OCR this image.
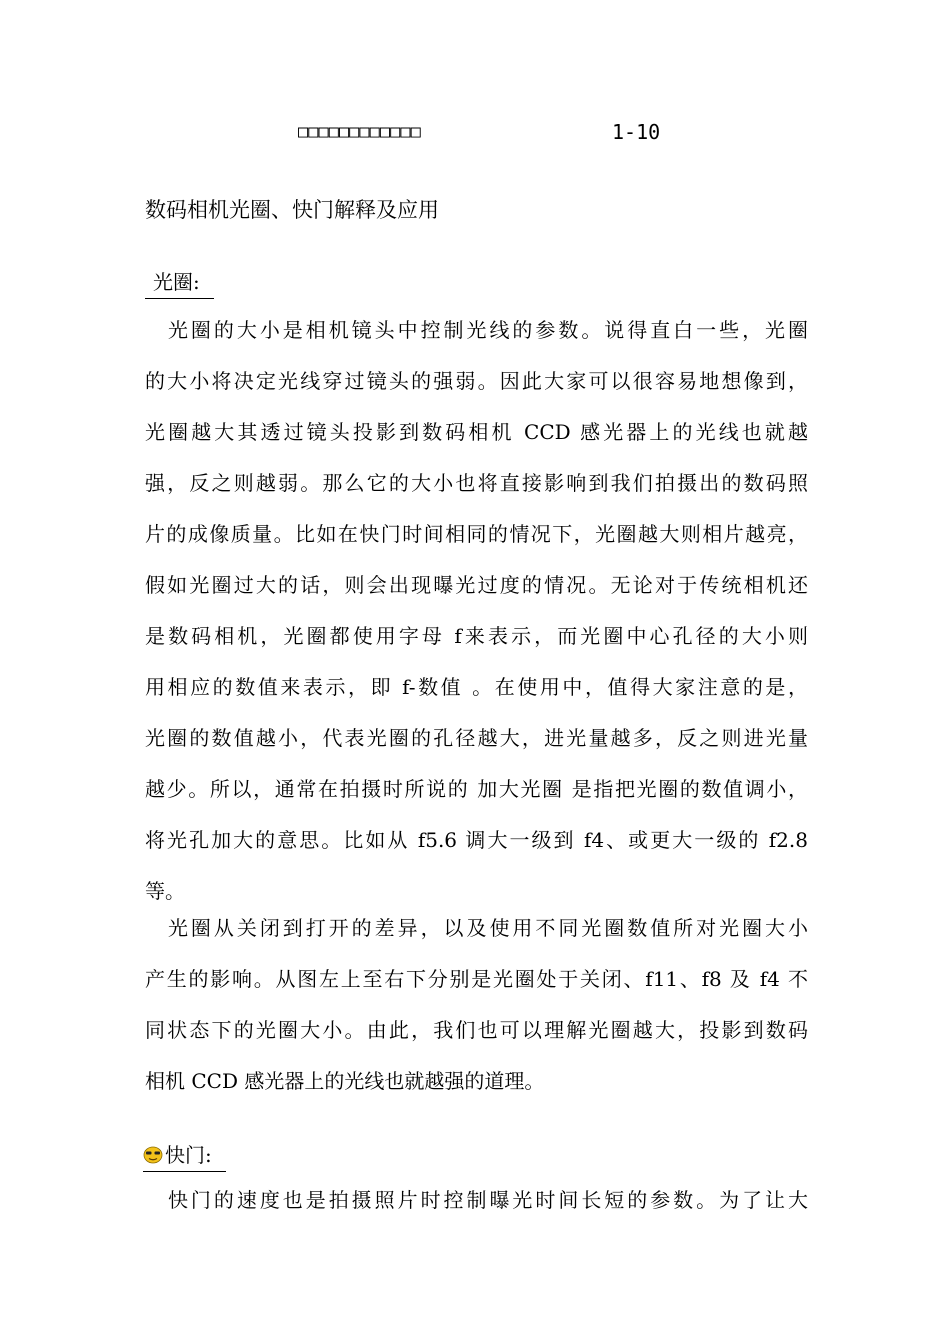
□□□□□□□□□□□□	1-10
数码相机光圈、快门解释及应用
光圈:
　光圈的大小是相机镜头中控制光线的参数。说得直白一些，光圈
的大小将决定光线穿过镜头的强弱。因此大家可以很容易地想像到，
光圈越大其透过镜头投影到数码相机 CCD 感光器上的光线也就越
强，反之则越弱。那么它的大小也将直接影响到我们拍摄出的数码照
片的成像质量。比如在快门时间相同的情况下，光圈越大则相片越亮，
假如光圈过大的话，则会出现曝光过度的情况。无论对于传统相机还
是数码相机，光圈都使用字母 f来表示，而光圈中心孔径的大小则
用相应的数值来表示，即 f-数值 。在使用中，值得大家注意的是，
光圈的数值越小，代表光圈的孔径越大，进光量越多，反之则进光量
越少。所以，通常在拍摄时所说的 加大光圈 是指把光圈的数值调小，
将光孔加大的意思。比如从 f5.6 调大一级到 f4、或更大一级的 f2.8
等。
　光圈从关闭到打开的差异，以及使用不同光圈数值所对光圈大小
产生的影响。从图左上至右下分别是光圈处于关闭、f11、f8 及 f4 不
同状态下的光圈大小。由此，我们也可以理解光圈越大，投影到数码
相机 CCD 感光器上的光线也就越强的道理。
快门:
　快门的速度也是拍摄照片时控制曝光时间长短的参数。为了让大
